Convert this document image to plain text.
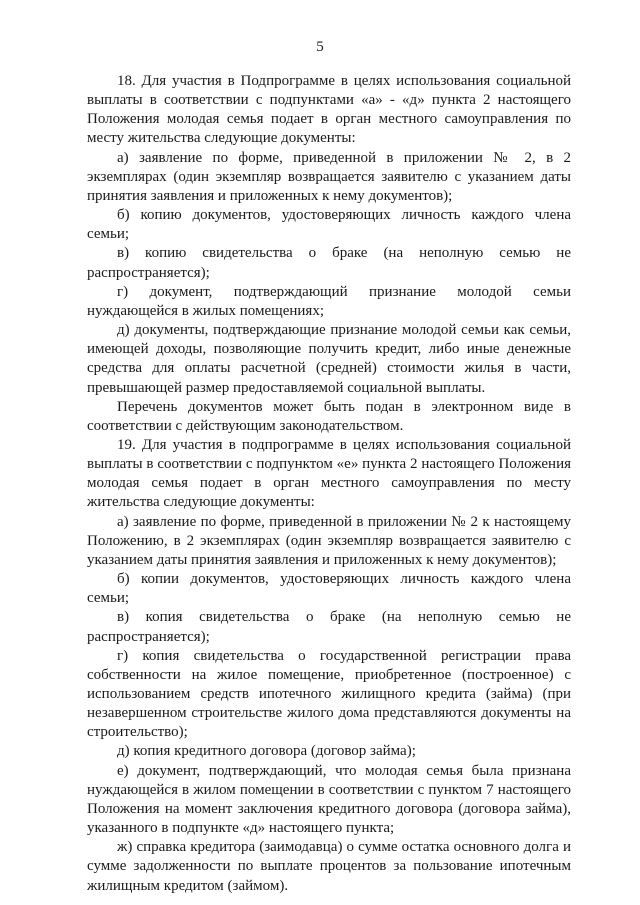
5

18. Для участия в Подпрограмме в целях использования социальной выплаты в соответствии с подпунктами «а» - «д» пункта 2 настоящего Положения молодая семья подает в орган местного самоуправления по месту жительства следующие документы:

а) заявление по форме, приведенной в приложении № 2, в 2 экземплярах (один экземпляр возвращается заявителю с указанием даты принятия заявления и приложенных к нему документов);

б) копию документов, удостоверяющих личность каждого члена семьи;

в) копию свидетельства о браке (на неполную семью не распространяется);

г) документ, подтверждающий признание молодой семьи нуждающейся в жилых помещениях;

д) документы, подтверждающие признание молодой семьи как семьи, имеющей доходы, позволяющие получить кредит, либо иные денежные средства для оплаты расчетной (средней) стоимости жилья в части, превышающей размер предоставляемой социальной выплаты.

Перечень документов может быть подан в электронном виде в соответствии с действующим законодательством.

19. Для участия в подпрограмме в целях использования социальной выплаты в соответствии с подпунктом «е» пункта 2 настоящего Положения молодая семья подает в орган местного самоуправления по месту жительства следующие документы:

а) заявление по форме, приведенной в приложении № 2 к настоящему Положению, в 2 экземплярах (один экземпляр возвращается заявителю с указанием даты принятия заявления и приложенных к нему документов);

б) копии документов, удостоверяющих личность каждого члена семьи;

в) копия свидетельства о браке (на неполную семью не распространяется);

г) копия свидетельства о государственной регистрации права собственности на жилое помещение, приобретенное (построенное) с использованием средств ипотечного жилищного кредита (займа) (при незавершенном строительстве жилого дома представляются документы на строительство);

д) копия кредитного договора (договор займа);

е) документ, подтверждающий, что молодая семья была признана нуждающейся в жилом помещении в соответствии с пунктом 7 настоящего Положения на момент заключения кредитного договора (договора займа), указанного в подпункте «д» настоящего пункта;

ж) справка кредитора (заимодавца) о сумме остатка основного долга и сумме задолженности по выплате процентов за пользование ипотечным жилищным кредитом (займом).
